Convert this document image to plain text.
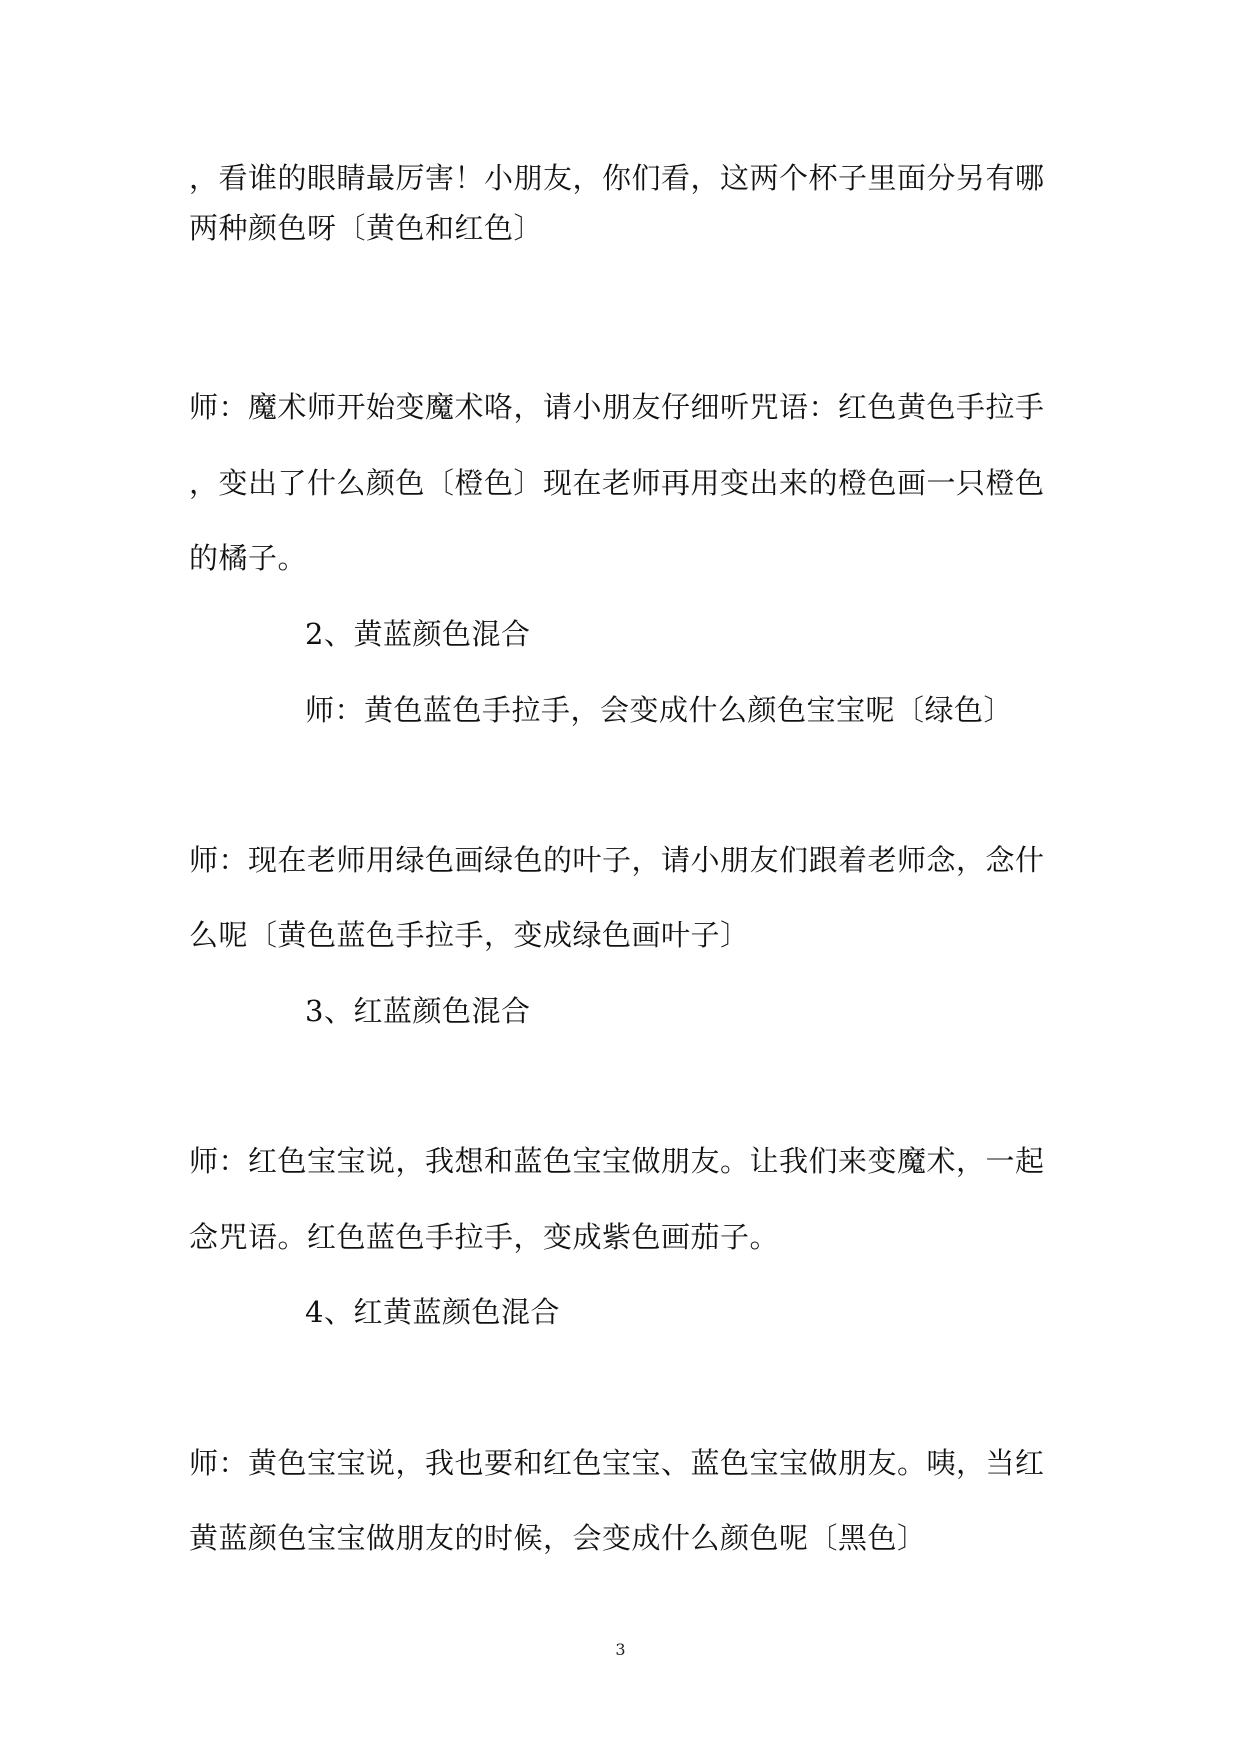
，看谁的眼睛最厉害！小朋友，你们看，这两个杯子里面分另有哪
两种颜色呀〔黄色和红色〕
师：魔术师开始变魔术咯，请小朋友仔细听咒语：红色黄色手拉手
，变出了什么颜色〔橙色〕现在老师再用变出来的橙色画一只橙色
的橘子。
2、黄蓝颜色混合
师：黄色蓝色手拉手，会变成什么颜色宝宝呢〔绿色〕
师：现在老师用绿色画绿色的叶子，请小朋友们跟着老师念，念什
么呢〔黄色蓝色手拉手，变成绿色画叶子〕
3、红蓝颜色混合
师：红色宝宝说，我想和蓝色宝宝做朋友。让我们来变魔术，一起
念咒语。红色蓝色手拉手，变成紫色画茄子。
4、红黄蓝颜色混合
师：黄色宝宝说，我也要和红色宝宝、蓝色宝宝做朋友。咦，当红
黄蓝颜色宝宝做朋友的时候，会变成什么颜色呢〔黑色〕
3
